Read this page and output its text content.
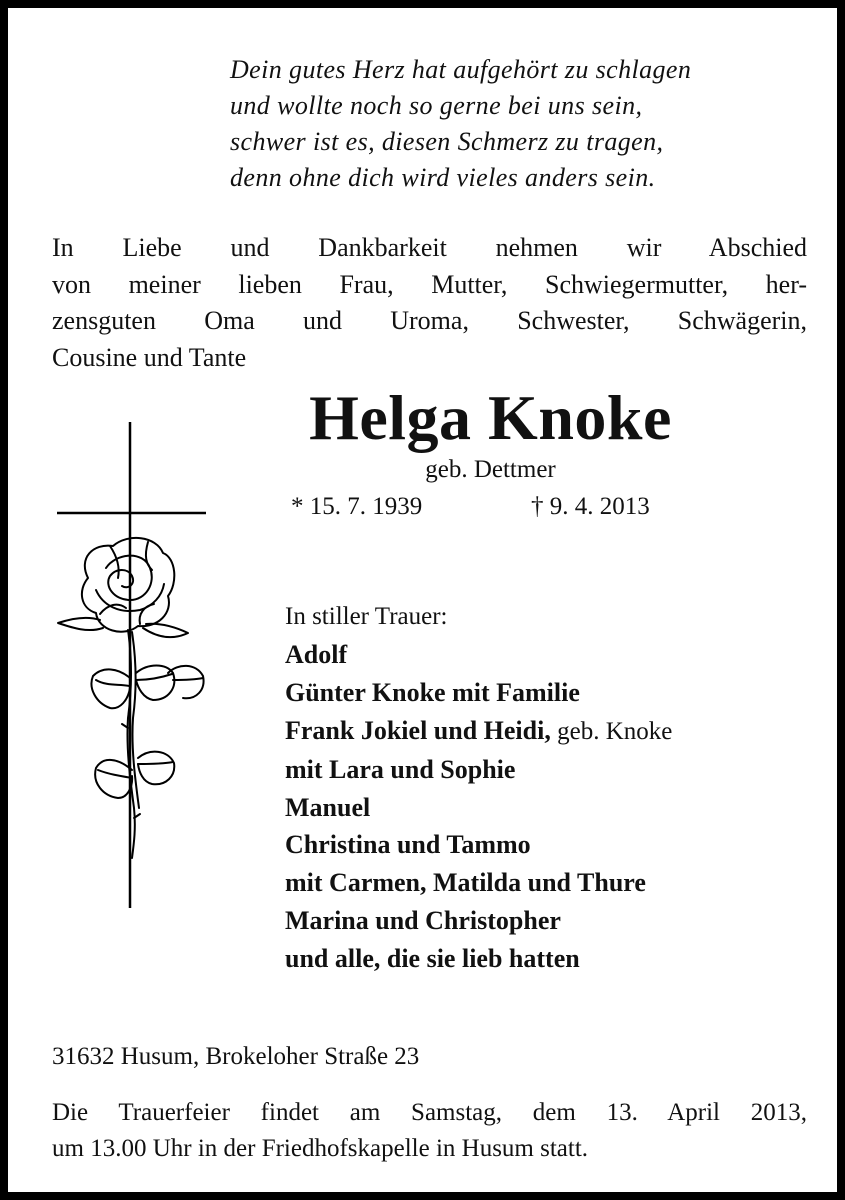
Dein gutes Herz hat aufgehört zu schlagen
und wollte noch so gerne bei uns sein,
schwer ist es, diesen Schmerz zu tragen,
denn ohne dich wird vieles anders sein.
In Liebe und Dankbarkeit nehmen wir Abschied
von meiner lieben Frau, Mutter, Schwiegermutter, her-
zensguten Oma und Uroma, Schwester, Schwägerin,
Cousine und Tante
Helga Knoke
geb. Dettmer
* 15. 7. 1939	† 9. 4. 2013
In stiller Trauer:
Adolf
Günter Knoke mit Familie
Frank Jokiel und Heidi, geb. Knoke
mit Lara und Sophie
Manuel
Christina und Tammo
mit Carmen, Matilda und Thure
Marina und Christopher
und alle, die sie lieb hatten
31632 Husum, Brokeloher Straße 23
Die Trauerfeier findet am Samstag, dem 13. April 2013,
um 13.00 Uhr in der Friedhofskapelle in Husum statt.
